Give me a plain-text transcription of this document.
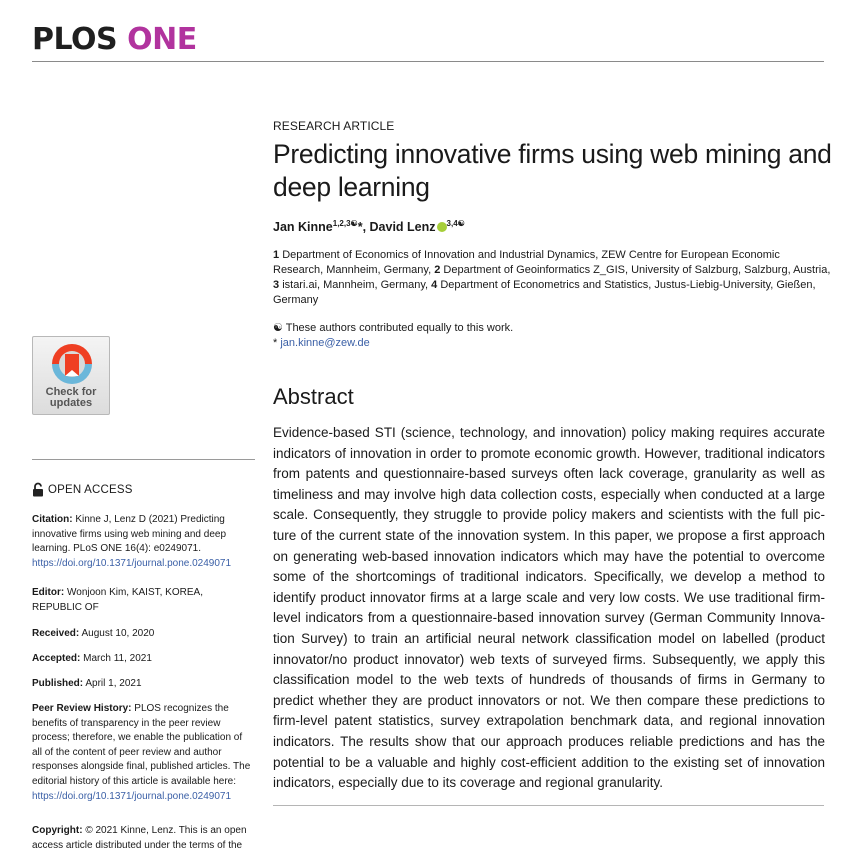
PLOS ONE
Check for
updates
RESEARCH ARTICLE
Predicting innovative firms using web mining and deep learning
Jan Kinne$^{1,2,3☯}$*, David Lenz $^{3,4☯}$
1 Department of Economics of Innovation and Industrial Dynamics, ZEW Centre for European Economic Research, Mannheim, Germany, 2 Department of Geoinformatics Z_GIS, University of Salzburg, Salzburg, Austria, 3 istari.ai, Mannheim, Germany, 4 Department of Econometrics and Statistics, Justus-Liebig-University, Gießen, Germany
☯ These authors contributed equally to this work.
* jan.kinne@zew.de
Abstract
Evidence-based STI (science, technology, and innovation) policy making requires accurate indicators of innovation in order to promote economic growth. However, traditional indicators from patents and questionnaire-based surveys often lack coverage, granularity as well as timeliness and may involve high data collection costs, especially when conducted at a large scale. Consequently, they struggle to provide policy makers and scientists with the full picture of the current state of the innovation system. In this paper, we propose a first approach on generating web-based innovation indicators which may have the potential to overcome some of the shortcomings of traditional indicators. Specifically, we develop a method to identify product innovator firms at a large scale and very low costs. We use traditional firmlevel indicators from a questionnaire-based innovation survey (German Community Innovation Survey) to train an artificial neural network classification model on labelled (product innovator/no product innovator) web texts of surveyed firms. Subsequently, we apply this classification model to the web texts of hundreds of thousands of firms in Germany to predict whether they are product innovators or not. We then compare these predictions to firm-level patent statistics, survey extrapolation benchmark data, and regional innovation indicators. The results show that our approach produces reliable predictions and has the potential to be a valuable and highly cost-efficient addition to the existing set of innovation indicators, especially due to its coverage and regional granularity.
OPEN ACCESS
Citation: Kinne J, Lenz D (2021) Predicting innovative firms using web mining and deep learning. PLoS ONE 16(4): e0249071. https://doi.org/10.1371/journal.pone.0249071
Editor: Wonjoon Kim, KAIST, KOREA, REPUBLIC OF
Received: August 10, 2020
Accepted: March 11, 2021
Published: April 1, 2021
Peer Review History: PLOS recognizes the benefits of transparency in the peer review process; therefore, we enable the publication of all of the content of peer review and author responses alongside final, published articles. The editorial history of this article is available here: https://doi.org/10.1371/journal.pone.0249071
Copyright: © 2021 Kinne, Lenz. This is an open access article distributed under the terms of the
